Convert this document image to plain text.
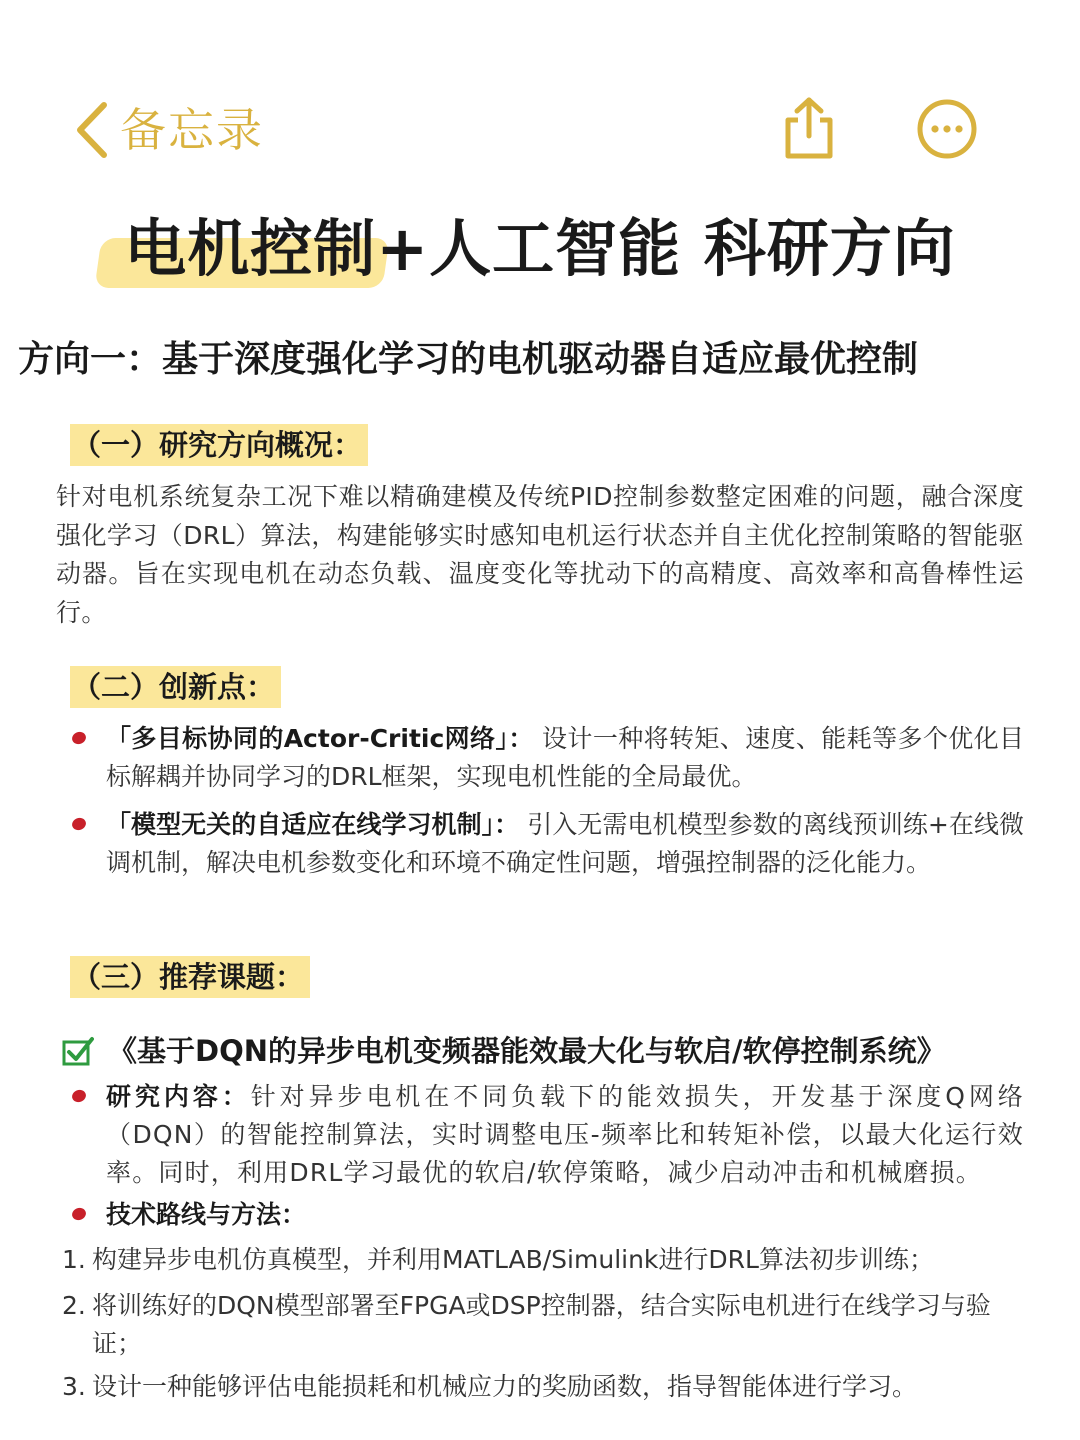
备忘录
电机控制+人工智能 科研方向
方向一：基于深度强化学习的电机驱动器自适应最优控制
（一）研究方向概况：

针对电机系统复杂工况下难以精确建模及传统PID控制参数整定困难的问题，融合深度强化学习（DRL）算法，构建能够实时感知电机运行状态并自主优化控制策略的智能驱动器。旨在实现电机在动态负载、温度变化等扰动下的高精度、高效率和高鲁棒性运行。

（二）创新点：

「多目标协同的Actor-Critic网络」： 设计一种将转矩、速度、能耗等多个优化目标解耦并协同学习的DRL框架，实现电机性能的全局最优。

「模型无关的自适应在线学习机制」： 引入无需电机模型参数的离线预训练+在线微调机制，解决电机参数变化和环境不确定性问题，增强控制器的泛化能力。

（三）推荐课题：
《基于DQN的异步电机变频器能效最大化与软启/软停控制系统》

研究内容：针对异步电机在不同负载下的能效损失，开发基于深度Q网络（DQN）的智能控制算法，实时调整电压-频率比和转矩补偿，以最大化运行效率。同时，利用DRL学习最优的软启/软停策略，减少启动冲击和机械磨损。

技术路线与方法：

1. 构建异步电机仿真模型，并利用MATLAB/Simulink进行DRL算法初步训练；

2. 将训练好的DQN模型部署至FPGA或DSP控制器，结合实际电机进行在线学习与验证；

3. 设计一种能够评估电能损耗和机械应力的奖励函数，指导智能体进行学习。
